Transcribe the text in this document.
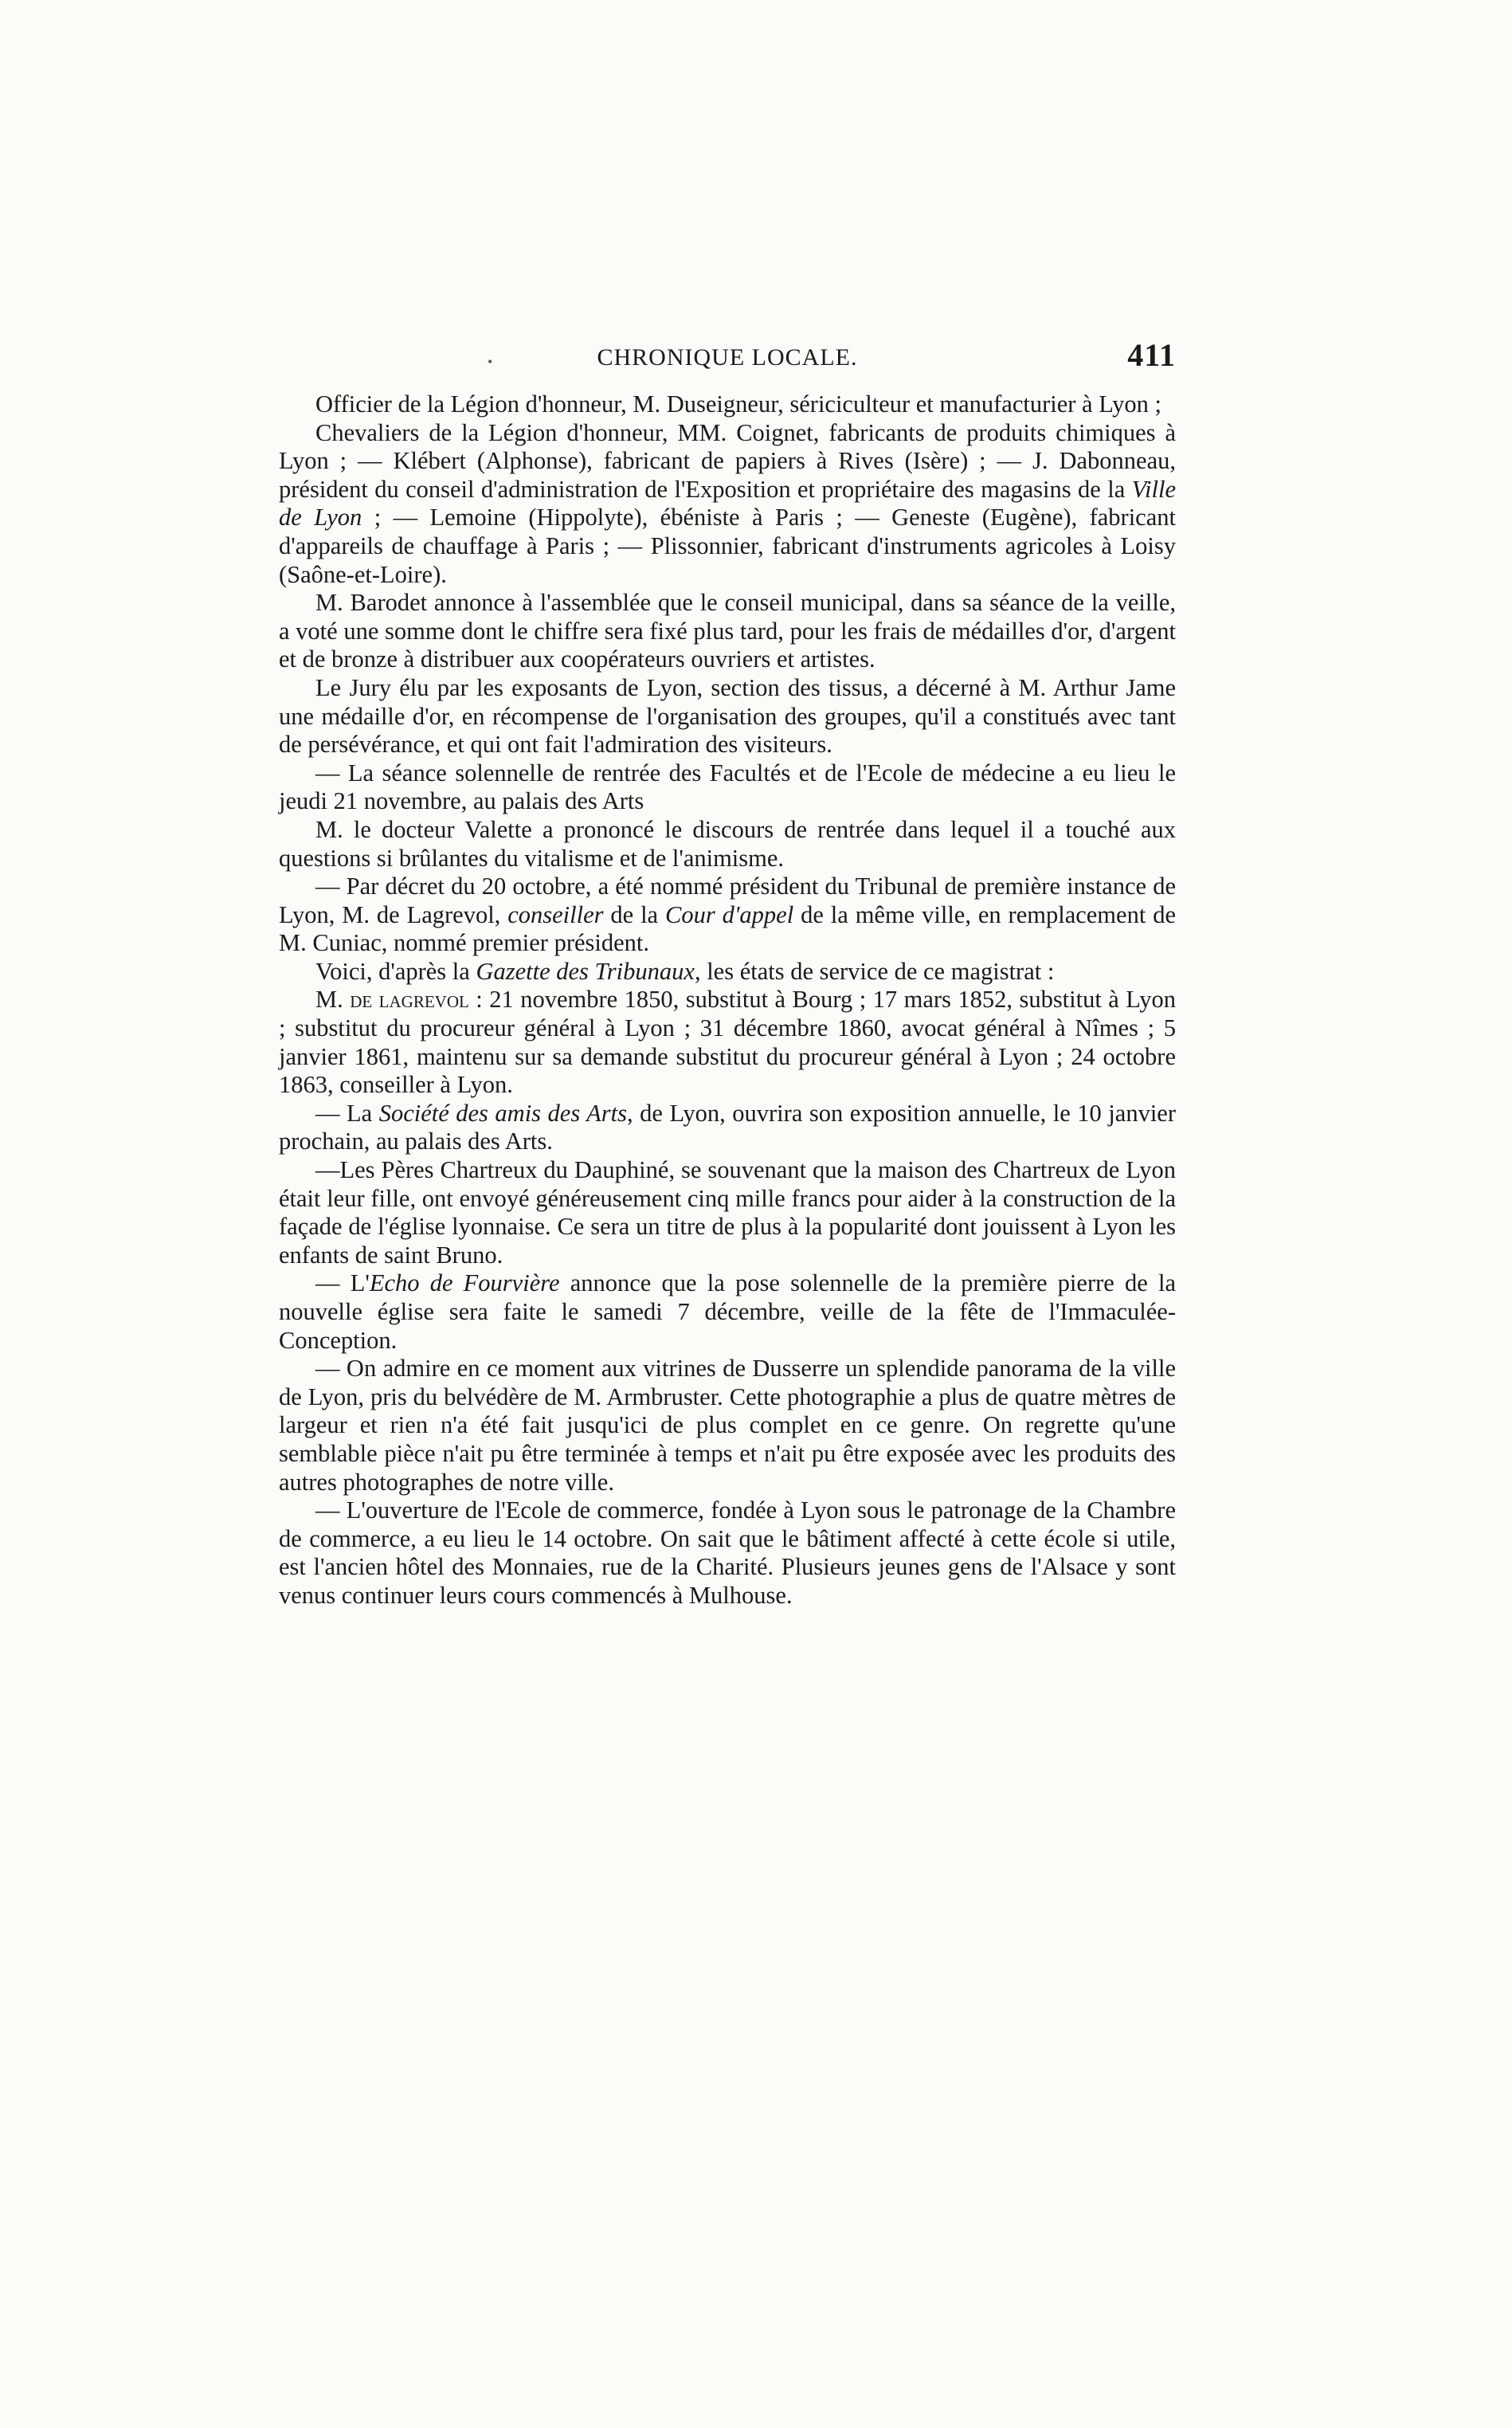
•	CHRONIQUE LOCALE.	411

Officier de la Légion d'honneur, M. Duseigneur, sériciculteur et manufacturier à Lyon ;

Chevaliers de la Légion d'honneur, MM. Coignet, fabricants de produits chimiques à Lyon ; — Klébert (Alphonse), fabricant de papiers à Rives (Isère) ; — J. Dabonneau, président du conseil d'administration de l'Exposition et propriétaire des magasins de la Ville de Lyon ; — Lemoine (Hippolyte), ébéniste à Paris ; — Geneste (Eugène), fabricant d'appareils de chauffage à Paris ; — Plissonnier, fabricant d'instruments agricoles à Loisy (Saône-et-Loire).

M. Barodet annonce à l'assemblée que le conseil municipal, dans sa séance de la veille, a voté une somme dont le chiffre sera fixé plus tard, pour les frais de médailles d'or, d'argent et de bronze à distribuer aux coopérateurs ouvriers et artistes.

Le Jury élu par les exposants de Lyon, section des tissus, a décerné à M. Arthur Jame une médaille d'or, en récompense de l'organisation des groupes, qu'il a constitués avec tant de persévérance, et qui ont fait l'admiration des visiteurs.

— La séance solennelle de rentrée des Facultés et de l'Ecole de médecine a eu lieu le jeudi 21 novembre, au palais des Arts

M. le docteur Valette a prononcé le discours de rentrée dans lequel il a touché aux questions si brûlantes du vitalisme et de l'animisme.

— Par décret du 20 octobre, a été nommé président du Tribunal de première instance de Lyon, M. de Lagrevol, conseiller de la Cour d'appel de la même ville, en remplacement de M. Cuniac, nommé premier président.

Voici, d'après la Gazette des Tribunaux, les états de service de ce magistrat :

M. de lagrevol : 21 novembre 1850, substitut à Bourg ; 17 mars 1852, substitut à Lyon ; substitut du procureur général à Lyon ; 31 décembre 1860, avocat général à Nîmes ; 5 janvier 1861, maintenu sur sa demande substitut du procureur général à Lyon ; 24 octobre 1863, conseiller à Lyon.

— La Société des amis des Arts, de Lyon, ouvrira son exposition annuelle, le 10 janvier prochain, au palais des Arts.

—Les Pères Chartreux du Dauphiné, se souvenant que la maison des Chartreux de Lyon était leur fille, ont envoyé généreusement cinq mille francs pour aider à la construction de la façade de l'église lyonnaise. Ce sera un titre de plus à la popularité dont jouissent à Lyon les enfants de saint Bruno.

— L'Echo de Fourvière annonce que la pose solennelle de la première pierre de la nouvelle église sera faite le samedi 7 décembre, veille de la fête de l'Immaculée-Conception.

— On admire en ce moment aux vitrines de Dusserre un splendide panorama de la ville de Lyon, pris du belvédère de M. Armbruster. Cette photographie a plus de quatre mètres de largeur et rien n'a été fait jusqu'ici de plus complet en ce genre. On regrette qu'une semblable pièce n'ait pu être terminée à temps et n'ait pu être exposée avec les produits des autres photographes de notre ville.

— L'ouverture de l'Ecole de commerce, fondée à Lyon sous le patronage de la Chambre de commerce, a eu lieu le 14 octobre. On sait que le bâtiment affecté à cette école si utile, est l'ancien hôtel des Monnaies, rue de la Charité. Plusieurs jeunes gens de l'Alsace y sont venus continuer leurs cours commencés à Mulhouse.
